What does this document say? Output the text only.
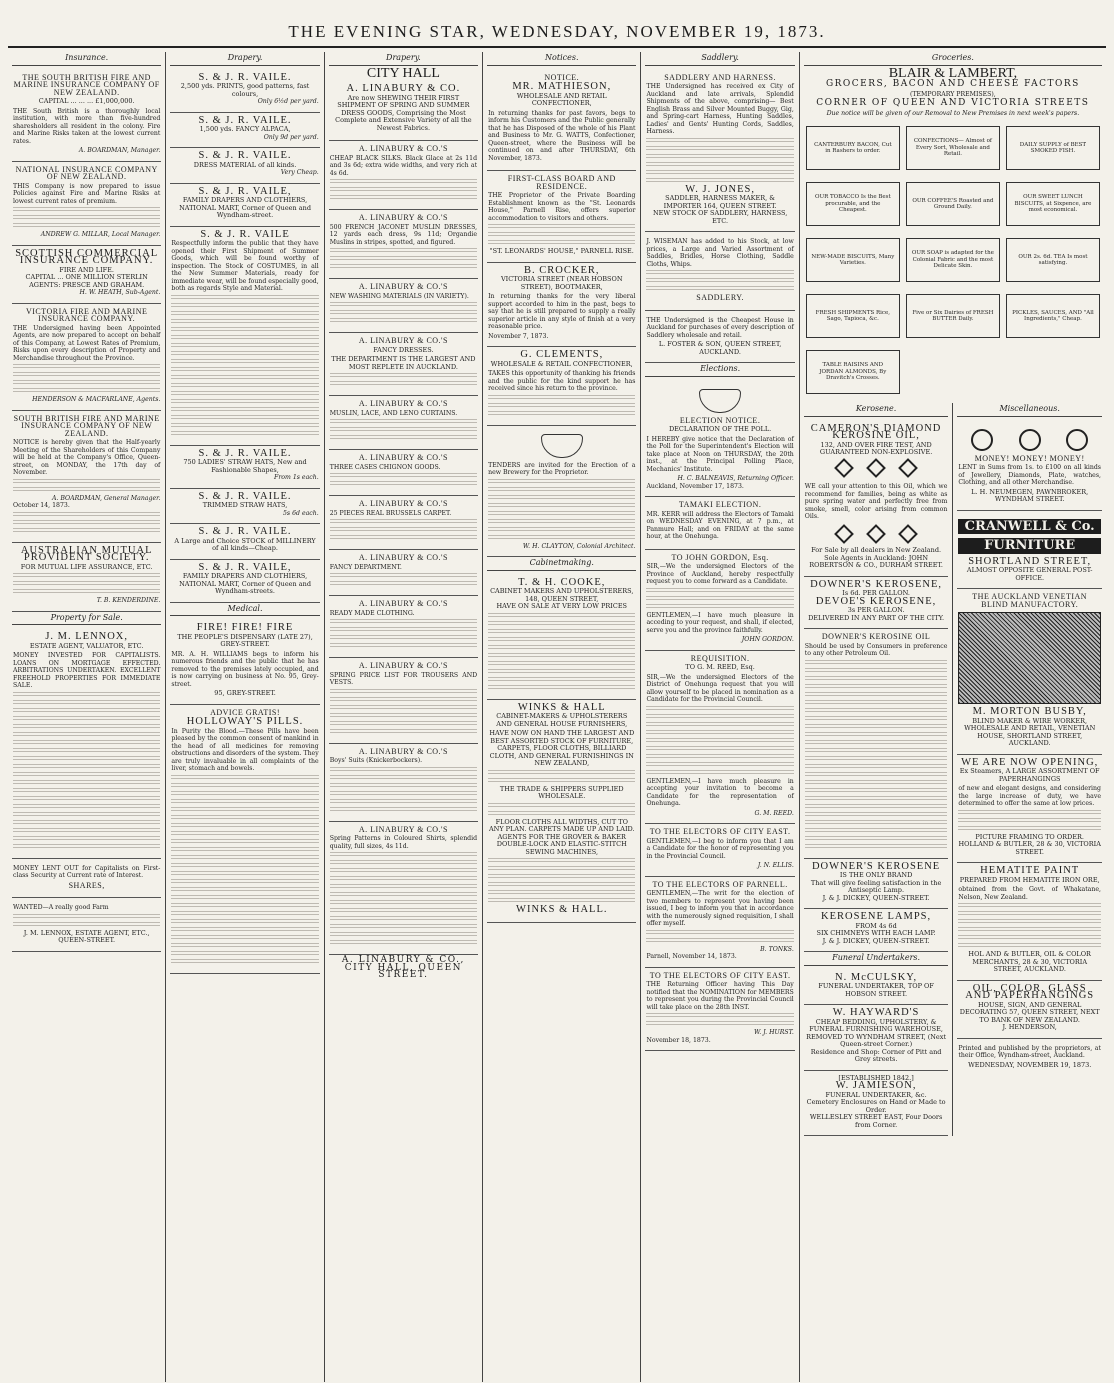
THE EVENING STAR, WEDNESDAY, NOVEMBER 19, 1873.
Insurance.
THE SOUTH BRITISH FIRE AND MARINE INSURANCE COMPANY OF NEW ZEALAND.
CAPITAL ... ... ... £1,000,000.

THE South British is a thoroughly local institution, with more than five-hundred sharesholders all resident in the colony. Fire and Marine Risks taken at the lowest current rates.

A. BOARDMAN, Manager.
NATIONAL INSURANCE COMPANY OF NEW ZEALAND.

THIS Company is now prepared to issue Policies against Fire and Marine Risks at lowest current rates of premium.

ANDREW G. MILLAR, Local Manager.
SCOTTISH COMMERCIAL INSURANCE COMPANY.
FIRE AND LIFE.
CAPITAL ... ONE MILLION STERLIN
AGENTS: PRESCE AND GRAHAM.
H. W. HEATH, Sub-Agent.
VICTORIA FIRE AND MARINE INSURANCE COMPANY.

THE Undersigned having been Appointed Agents, are now prepared to accept on behalf of this Company, at Lowest Rates of Premium, Risks upon every description of Property and Merchandise throughout the Province.

HENDERSON & MACFARLANE, Agents.
SOUTH BRITISH FIRE AND MARINE INSURANCE COMPANY OF NEW ZEALAND.

NOTICE is hereby given that the Half-yearly Meeting of the Shareholders of this Company will be held at the Company's Office, Queen-street, on MONDAY, the 17th day of November.

A. BOARDMAN, General Manager.
October 14, 1873.
AUSTRALIAN MUTUAL PROVIDENT SOCIETY.
FOR MUTUAL LIFE ASSURANCE, ETC.
T. B. KENDERDINE.
Property for Sale.
J. M. LENNOX,
ESTATE AGENT, VALUATOR, ETC.

MONEY INVESTED FOR CAPITALISTS. LOANS ON MORTGAGE EFFECTED. ARBITRATIONS UNDERTAKEN. EXCELLENT FREEHOLD PROPERTIES FOR IMMEDIATE SALE.

MONEY LENT OUT for Capitalists on First-class Security at Current rate of Interest.

SHARES,

WANTED—A really good Farm

J. M. LENNOX, ESTATE AGENT, ETC., QUEEN-STREET.
Drapery.
S. & J. R. VAILE.
2,500 yds. PRINTS, good patterns, fast colours,
Only 6½d per yard.
S. & J. R. VAILE.
1,500 yds. FANCY ALPACA,
Only 9d per yard.
S. & J. R. VAILE.
DRESS MATERIAL of all kinds.
Very Cheap.
S. & J. R. VAILE,
FAMILY DRAPERS AND CLOTHIERS, NATIONAL MART, Corner of Queen and Wyndham-street.
S. & J. R. VAILE

Respectfully inform the public that they have opened their First Shipment of Summer Goods, which will be found worthy of inspection. The Stock of COSTUMES, in all the New Summer Materials, ready for immediate wear, will be found especially good, both as regards Style and Material.

S. & J. R. VAILE.
750 LADIES' STRAW HATS, New and Fashionable Shapes,
From 1s each.
S. & J. R. VAILE.
TRIMMED STRAW HATS,
5s 6d each.
S. & J. R. VAILE.
A Large and Choice STOCK of MILLINERY of all kinds—Cheap.
S. & J. R. VAILE,
FAMILY DRAPERS AND CLOTHIERS, NATIONAL MART, Corner of Queen and Wyndham-streets.
Medical.
FIRE! FIRE! FIRE
THE PEOPLE'S DISPENSARY (LATE 27), GREY-STREET.

MR. A. H. WILLIAMS begs to inform his numerous friends and the public that he has removed to the premises lately occupied, and is now carrying on business at No. 95, Grey-street.

95, GREY-STREET.
ADVICE GRATIS!
HOLLOWAY'S PILLS.

In Purity the Blood.—These Pills have been pleased by the common consent of mankind in the head of all medicines for removing obstructions and disorders of the system. They are truly invaluable in all complaints of the liver, stomach and bowels.

Drapery.
CITY HALL
A. LINABURY & CO.

Are now SHEWING THEIR FIRST SHIPMENT OF SPRING AND SUMMER DRESS GOODS, Comprising the Most Complete and Extensive Variety of all the Newest Fabrics.

A. LINABURY & CO.'S

CHEAP BLACK SILKS. Black Glace at 2s 11d and 3s 6d; extra wide widths, and very rich at 4s 6d.

A. LINABURY & CO.'S

500 FRENCH JACONET MUSLIN DRESSES, 12 yards each dress, 9s 11d; Organdie Muslins in stripes, spotted, and figured.

A. LINABURY & CO.'S

NEW WASHING MATERIALS (IN VARIETY).

A. LINABURY & CO.'S
FANCY DRESSES.

THE DEPARTMENT IS THE LARGEST AND MOST REPLETE IN AUCKLAND.

A. LINABURY & CO.'S

MUSLIN, LACE, AND LENO CURTAINS.

A. LINABURY & CO.'S

THREE CASES CHIGNON GOODS.

A. LINABURY & CO.'S

25 PIECES REAL BRUSSELS CARPET.

A. LINABURY & CO.'S

FANCY DEPARTMENT.

A. LINABURY & CO.'S

READY MADE CLOTHING.

A. LINABURY & CO.'S

SPRING PRICE LIST FOR TROUSERS AND VESTS.

A. LINABURY & CO.'S

Boys' Suits (Knickerbockers).

A. LINABURY & CO.'S

Spring Patterns in Coloured Shirts, splendid quality, full sizes, 4s 11d.

A. LINABURY & CO., CITY HALL, QUEEN STREET.
Notices.
NOTICE.
MR. MATHIESON,
WHOLESALE AND RETAIL CONFECTIONER,

In returning thanks for past favors, begs to inform his Customers and the Public generally that he has Disposed of the whole of his Plant and Business to Mr. G. WATTS, Confectioner, Queen-street, where the Business will be continued on and after THURSDAY, 6th November, 1873.

FIRST-CLASS BOARD AND RESIDENCE.

THE Proprietor of the Private Boarding Establishment known as the "St. Leonards House," Parnell Rise, offers superior accommodation to visitors and others.

"ST. LEONARDS' HOUSE," PARNELL RISE.
B. CROCKER,
VICTORIA STREET (NEAR HOBSON STREET), BOOTMAKER,

In returning thanks for the very liberal support accorded to him in the past, begs to say that he is still prepared to supply a really superior article in any style of finish at a very reasonable price.

November 7, 1873.
G. CLEMENTS,
WHOLESALE & RETAIL CONFECTIONER,

TAKES this opportunity of thanking his friends and the public for the kind support he has received since his return to the province.

TENDERS are invited for the Erection of a new Brewery for the Proprietor.

W. H. CLAYTON, Colonial Architect.
Cabinetmaking.
T. & H. COOKE,
CABINET MAKERS AND UPHOLSTERERS,
148, QUEEN STREET,
HAVE ON SALE AT VERY LOW PRICES
WINKS & HALL
CABINET-MAKERS & UPHOLSTERERS AND GENERAL HOUSE FURNISHERS,

HAVE NOW ON HAND THE LARGEST AND BEST ASSORTED STOCK OF FURNITURE, CARPETS, FLOOR CLOTHS, BILLIARD CLOTH, AND GENERAL FURNISHINGS IN NEW ZEALAND,

THE TRADE & SHIPPERS SUPPLIED WHOLESALE.
FLOOR CLOTHS ALL WIDTHS, CUT TO ANY PLAN. CARPETS MADE UP AND LAID.
AGENTS FOR THE GROVER & BAKER DOUBLE-LOCK AND ELASTIC-STITCH SEWING MACHINES,
WINKS & HALL.
Saddlery.
SADDLERY AND HARNESS.

THE Undersigned has received ex City of Auckland and late arrivals, Splendid Shipments of the above, comprising— Best English Brass and Silver Mounted Buggy, Gig, and Spring-cart Harness, Hunting Saddles, Ladies' and Gents' Hunting Cords, Saddles, Harness.

W. J. JONES,
SADDLER, HARNESS MAKER, & IMPORTER 164, QUEEN STREET.
NEW STOCK OF SADDLERY, HARNESS, ETC.

J. WISEMAN has added to his Stock, at low prices, a Large and Varied Assortment of Saddles, Bridles, Horse Clothing, Saddle Cloths, Whips.

SADDLERY.

THE Undersigned is the Cheapest House in Auckland for purchases of every description of Saddlery wholesale and retail.

L. FOSTER & SON, QUEEN STREET, AUCKLAND.
Elections.
ELECTION NOTICE.
DECLARATION OF THE POLL.

I HEREBY give notice that the Declaration of the Poll for the Superintendent's Election will take place at Noon on THURSDAY, the 20th inst., at the Principal Polling Place, Mechanics' Institute.

H. C. BALNEAVIS, Returning Officer.
Auckland, November 17, 1873.
TAMAKI ELECTION.

MR. KERR will address the Electors of Tamaki on WEDNESDAY EVENING, at 7 p.m., at Panmure Hall; and on FRIDAY at the same hour, at the Onehunga.

TO JOHN GORDON, Esq.

SIR,—We the undersigned Electors of the Province of Auckland, hereby respectfully request you to come forward as a Candidate.

GENTLEMEN,—I have much pleasure in acceding to your request, and shall, if elected, serve you and the province faithfully.

JOHN GORDON.
REQUISITION.
TO G. M. REED, Esq.

SIR,—We the undersigned Electors of the District of Onehunga request that you will allow yourself to be placed in nomination as a Candidate for the Provincial Council.

GENTLEMEN,—I have much pleasure in accepting your invitation to become a Candidate for the representation of Onehunga.

G. M. REED.
TO THE ELECTORS OF CITY EAST.

GENTLEMEN,—I beg to inform you that I am a Candidate for the honor of representing you in the Provincial Council.

J. N. ELLIS.
TO THE ELECTORS OF PARNELL.

GENTLEMEN,—The writ for the election of two members to represent you having been issued, I beg to inform you that in accordance with the numerously signed requisition, I shall offer myself.

B. TONKS.
Parnell, November 14, 1873.
TO THE ELECTORS OF CITY EAST.

THE Returning Officer having This Day notified that the NOMINATION for MEMBERS to represent you during the Provincial Council will take place on the 28th INST.

W. J. HURST.
November 18, 1873.
Groceries.
BLAIR & LAMBERT,
GROCERS, BACON AND CHEESE FACTORS
(TEMPORARY PREMISES),
CORNER OF QUEEN AND VICTORIA STREETS
Due notice will be given of our Removal to New Premises in next week's papers.
CANTERBURY BACON, Cut in Rashers to order.
CONFECTIONS— Almost of Every Sort, Wholesale and Retail.
DAILY SUPPLY of BEST SMOKED FISH.
OUR TOBACCO Is the Best procurable, and the Cheapest.
OUR COFFEE'S Roasted and Ground Daily.
OUR SWEET LUNCH BISCUITS, at Sixpence, are most economical.
NEW-MADE BISCUITS, Many Varieties.
OUR SOAP is adapted for the Colonial Fabric and the most Delicate Skin.
OUR 2s. 6d. TEA Is most satisfying.
FRESH SHIPMENTS Rice, Sago, Tapioca, &c.
Five or Six Dairies of FRESH BUTTER Daily.
PICKLES, SAUCES, AND "All Ingredients," Cheap.
TABLE RAISINS AND JORDAN ALMONDS, By Dravitch's Crosses.
Kerosene.
CAMERON'S DIAMOND KEROSINE OIL,
132, AND OVER FIRE TEST, AND GUARANTEED NON-EXPLOSIVE.

WE call your attention to this Oil, which we recommend for families, being as white as pure spring water and perfectly free from smoke, smell, color arising from common Oils.

For Sale by all dealers in New Zealand.
Sole Agents in Auckland: JOHN ROBERTSON & CO., DURHAM STREET.
DOWNER'S KEROSENE,
Is 6d. PER GALLON.
DEVOE'S KEROSENE,
3s PER GALLON.
DELIVERED IN ANY PART OF THE CITY.
DOWNER'S KEROSINE OIL

Should be used by Consumers in preference to any other Petroleum Oil.

DOWNER'S KEROSENE
IS THE ONLY BRAND
That will give feeling satisfaction in the Antiseptic Lamp.
J. & J. DICKEY, QUEEN-STREET.
KEROSENE LAMPS,
FROM 4s 6d
SIX CHIMNEYS WITH EACH LAMP.
J. & J. DICKEY, QUEEN-STREET.
Funeral Undertakers.
N. McCULSKY,
FUNERAL UNDERTAKER, TOP OF HOBSON STREET.
W. HAYWARD'S
CHEAP BEDDING, UPHOLSTERY, & FUNERAL FURNISHING WAREHOUSE,
REMOVED TO WYNDHAM STREET, (Next Queen-street Corner.)
Residence and Shop: Corner of Pitt and Grey streets.
[ESTABLISHED 1842.]
W. JAMIESON,
FUNERAL UNDERTAKER, &c.
Cemetery Enclosures on Hand or Made to Order.
WELLESLEY STREET EAST, Four Doors from Corner.
Miscellaneous.
MONEY! MONEY! MONEY!

LENT in Sums from 1s. to £100 on all kinds of Jewellery, Diamonds, Plate, watches, Clothing, and all other Merchandise.

L. H. NEUMEGEN, PAWNBROKER, WYNDHAM STREET.
CRANWELL & Co.
FURNITURE
SHORTLAND STREET,
ALMOST OPPOSITE GENERAL POST-OFFICE.
THE AUCKLAND VENETIAN BLIND MANUFACTORY.
M. MORTON BUSBY,
BLIND MAKER & WIRE WORKER, WHOLESALE AND RETAIL, VENETIAN HOUSE, SHORTLAND STREET, AUCKLAND.
WE ARE NOW OPENING,
Ex Steamers, A LARGE ASSORTMENT OF PAPERHANGINGS

of new and elegant designs, and considering the large increase of duty, we have determined to offer the same at low prices.

PICTURE FRAMING TO ORDER.
HOLLAND & BUTLER, 28 & 30, VICTORIA STREET.
HEMATITE PAINT
PREPARED FROM HEMATITE IRON ORE,

obtained from the Govt. of Whakatane, Nelson, New Zealand.

HOL AND & BUTLER, OIL & COLOR MERCHANTS, 28 & 30, VICTORIA STREET, AUCKLAND.
OIL, COLOR, GLASS AND PAPERHANGINGS
HOUSE, SIGN, AND GENERAL DECORATING 57, QUEEN STREET, NEXT TO BANK OF NEW ZEALAND.
J. HENDERSON,

Printed and published by the proprietors, at their Office, Wyndham-street, Auckland.

WEDNESDAY, NOVEMBER 19, 1873.
